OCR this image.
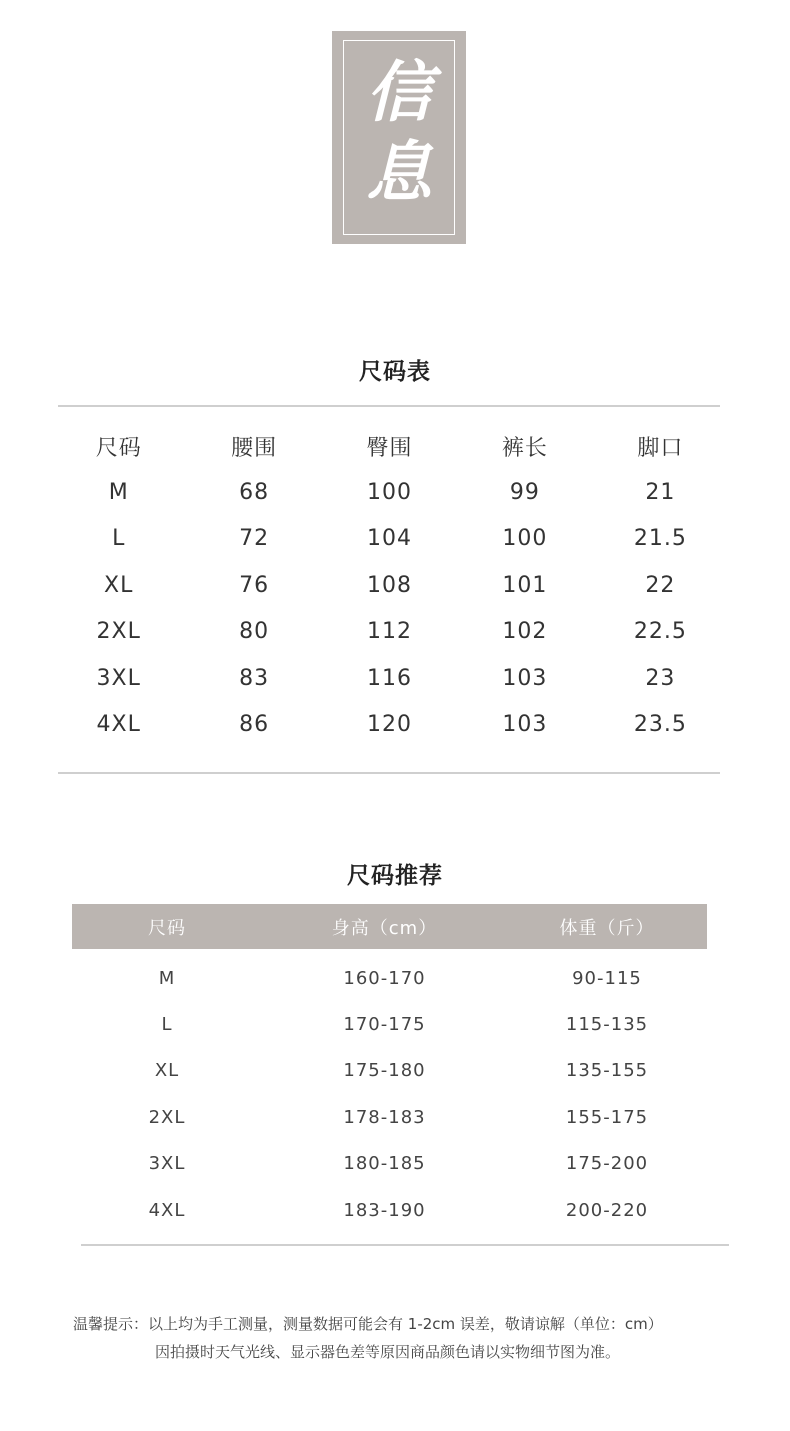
信
息
尺码表
尺码	腰围	臀围	裤长	脚口
M	68	100	99	21
L	72	104	100	21.5
XL	76	108	101	22
2XL	80	112	102	22.5
3XL	83	116	103	23
4XL	86	120	103	23.5
尺码推荐
尺码	身高（cm）	体重（斤）
M	160-170	90-115
L	170-175	115-135
XL	175-180	135-155
2XL	178-183	155-175
3XL	180-185	175-200
4XL	183-190	200-220
温馨提示：以上均为手工测量，测量数据可能会有 1-2cm 误差，敬请谅解（单位：cm）
因拍摄时天气光线、显示器色差等原因商品颜色请以实物细节图为准。
